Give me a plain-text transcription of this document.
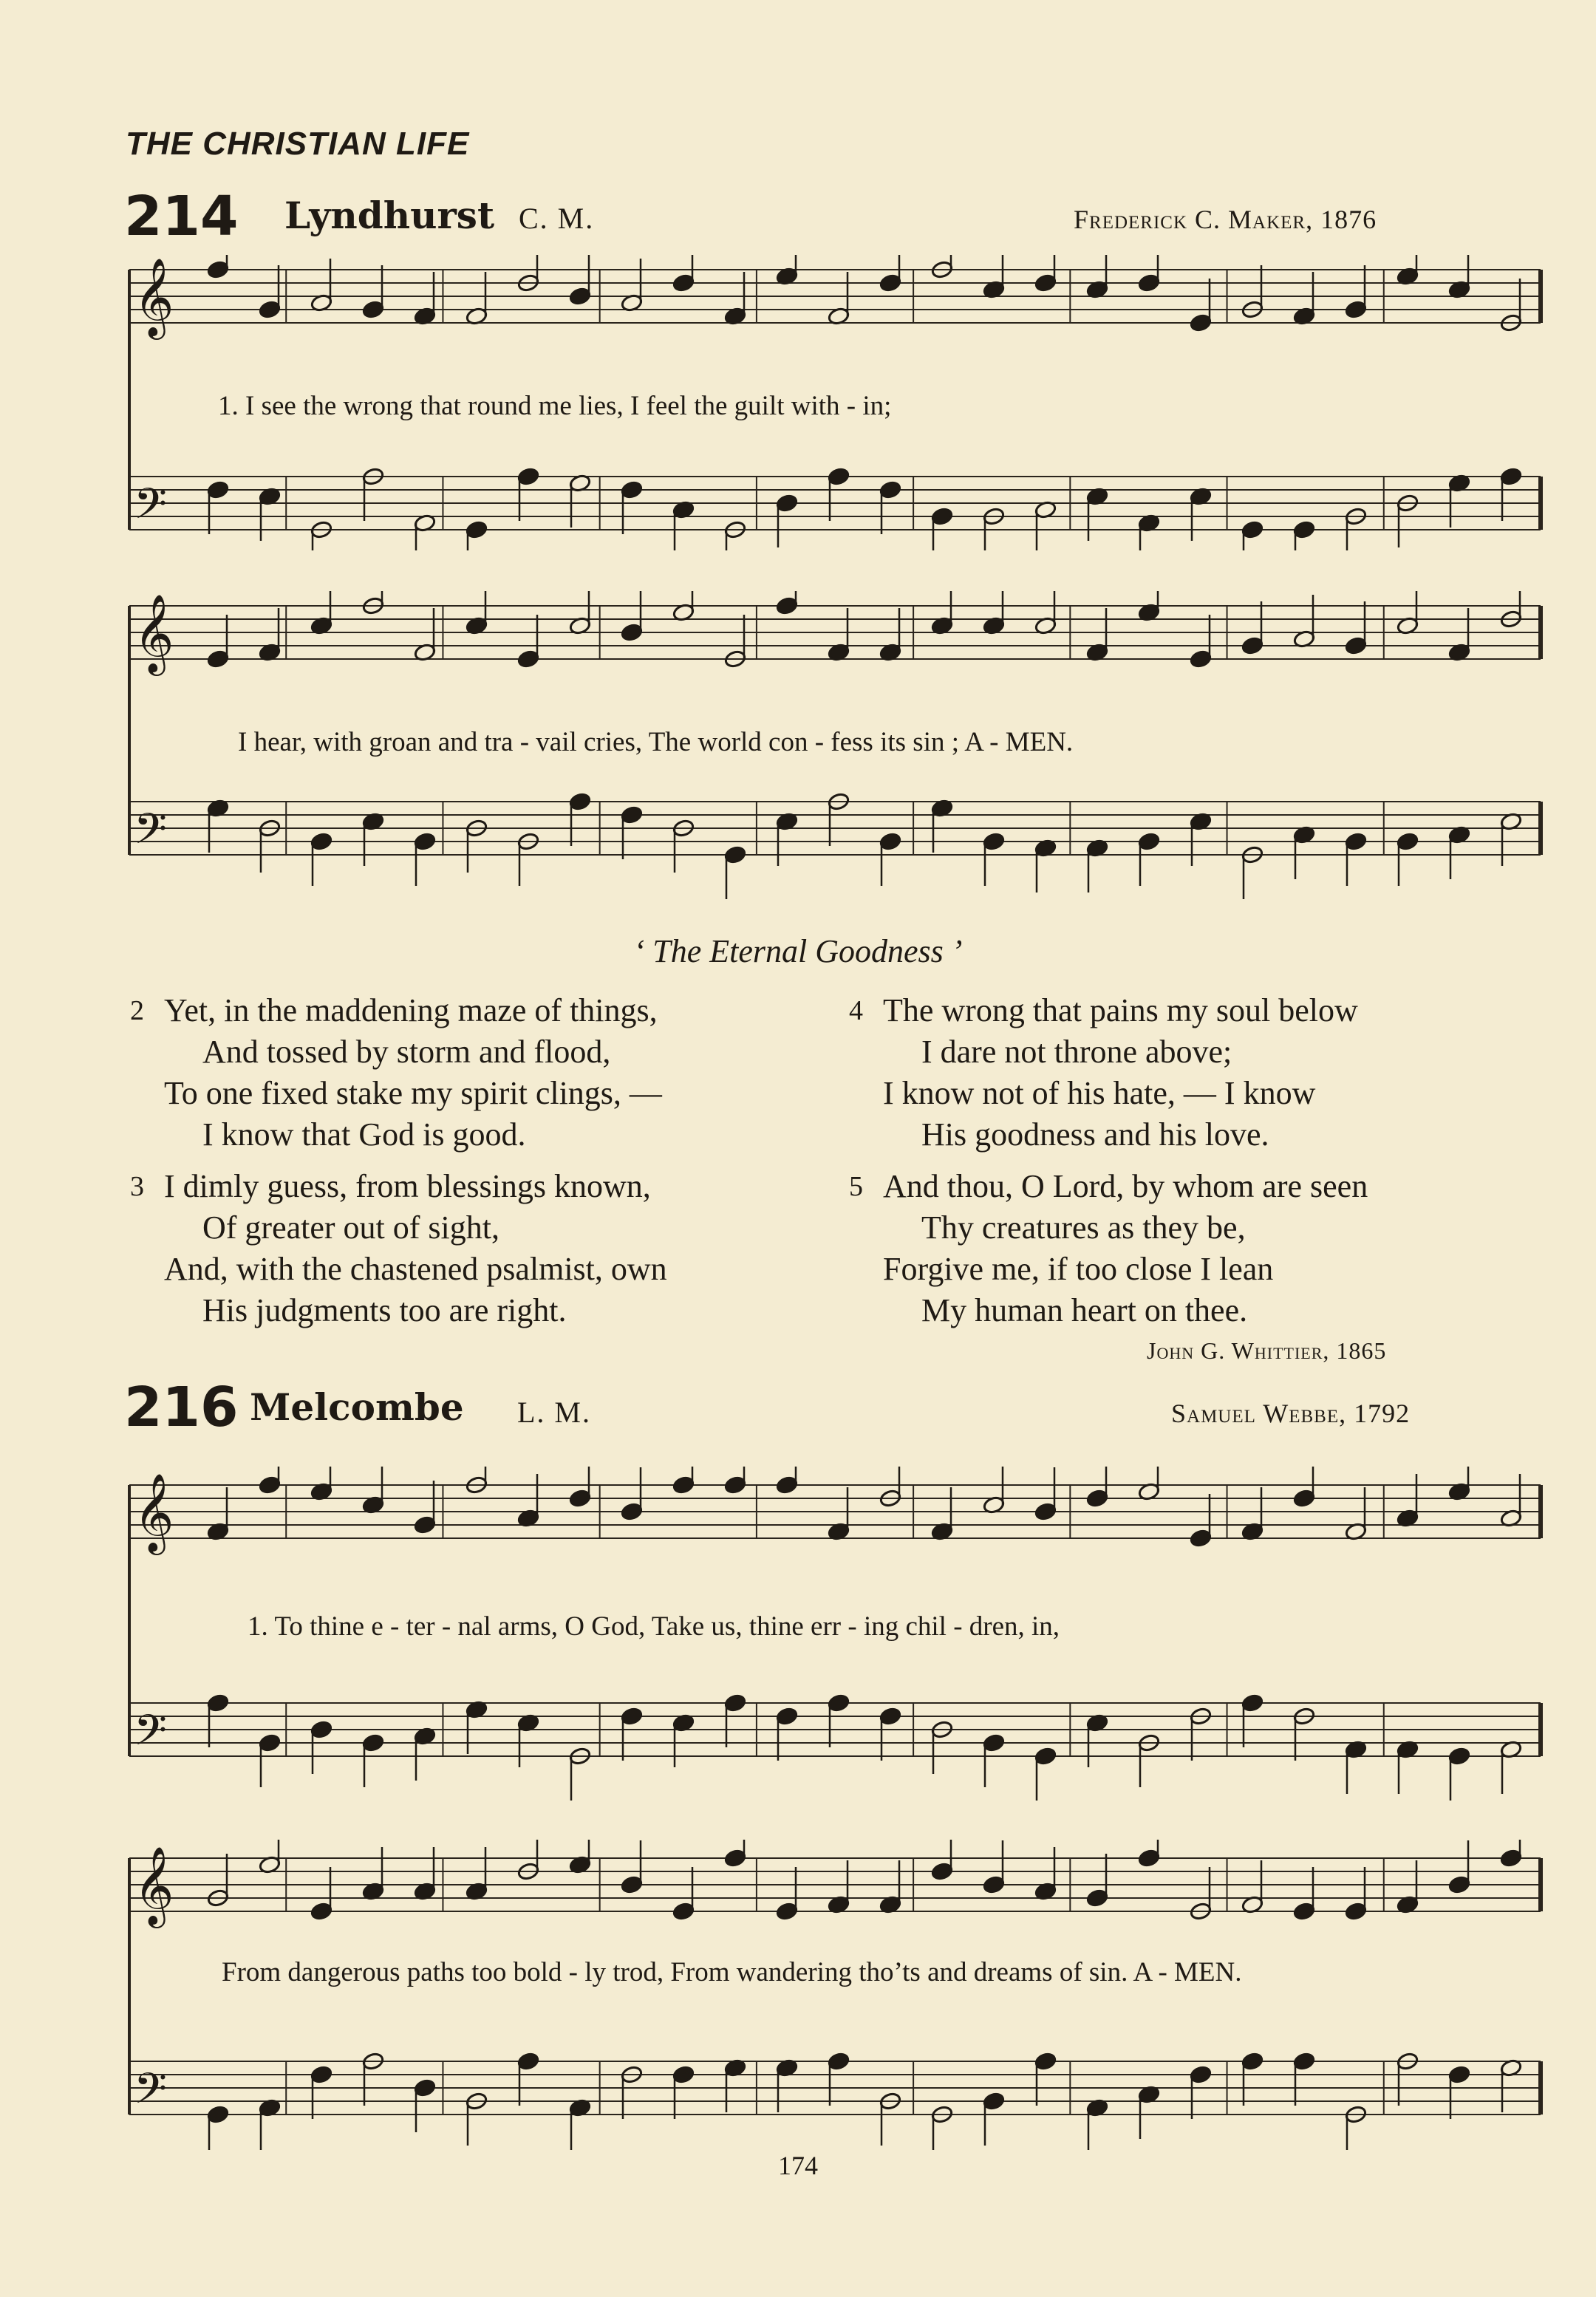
THE CHRISTIAN LIFE
214 Lyndhurst C. M.	Frederick C. Maker, 1876
𝄞
𝄢
1. I see the wrong that round me lies, I feel the guilt with - in;
𝄞
𝄢
I hear, with groan and tra - vail cries, The world con - fess its sin ; A - MEN.
‘ The Eternal Goodness ’
2 Yet, in the maddening maze of things,
And tossed by storm and flood,
To one fixed stake my spirit clings, —
I know that God is good.
3 I dimly guess, from blessings known,
Of greater out of sight,
And, with the chastened psalmist, own
His judgments too are right.
4 The wrong that pains my soul below
I dare not throne above;
I know not of his hate, — I know
His goodness and his love.
5 And thou, O Lord, by whom are seen
Thy creatures as they be,
Forgive me, if too close I lean
My human heart on thee.
John G. Whittier, 1865
216 Melcombe L. M.	Samuel Webbe, 1792
𝄞
𝄢
1. To thine e - ter - nal arms, O God, Take us, thine err - ing chil - dren, in,
𝄞
𝄢
From dangerous paths too bold - ly trod, From wandering tho’ts and dreams of sin. A - MEN.
174
